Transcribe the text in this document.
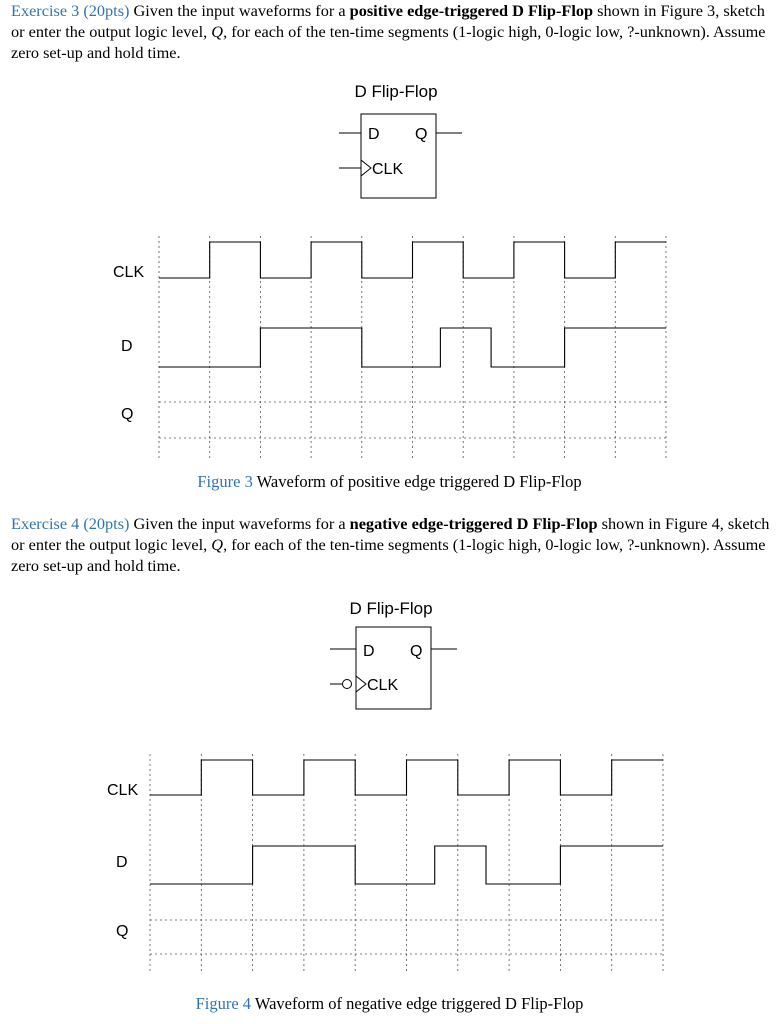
Exercise 3 (20pts) Given the input waveforms for a positive edge-triggered D Flip-Flop shown in Figure 3, sketch or enter the output logic level, Q, for each of the ten-time segments (1-logic high, 0-logic low, ?-unknown). Assume zero set-up and hold time.
D Flip-Flop
D Q
CLK
CLK
D
Q
Figure 3 Waveform of positive edge triggered D Flip-Flop
Exercise 4 (20pts) Given the input waveforms for a negative edge-triggered D Flip-Flop shown in Figure 4, sketch or enter the output logic level, Q, for each of the ten-time segments (1-logic high, 0-logic low, ?-unknown). Assume zero set-up and hold time.
D Flip-Flop
D Q
CLK
CLK
D
Q
Figure 4 Waveform of negative edge triggered D Flip-Flop
